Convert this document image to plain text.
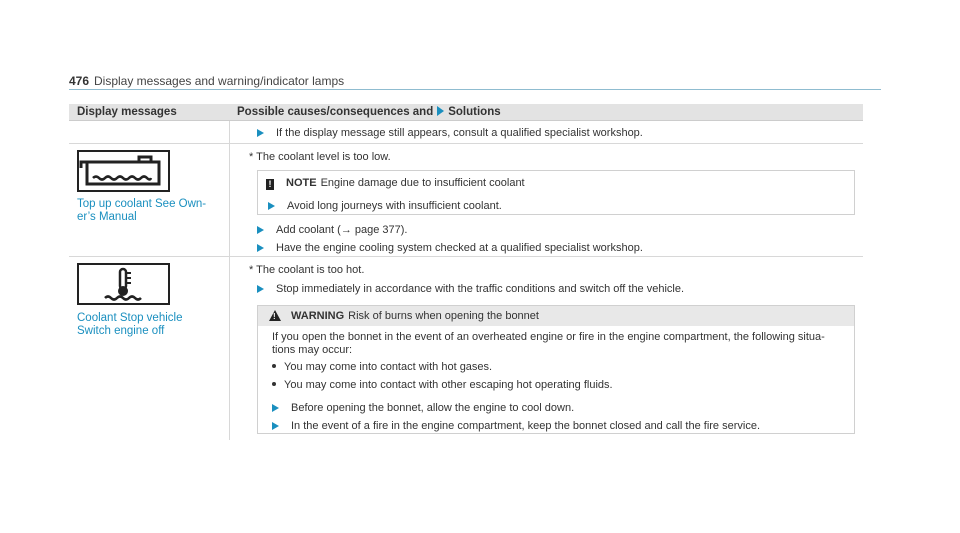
476 Display messages and warning/indicator lamps
Display messages	Possible causes/consequences and Solutions
If the display message still appears, consult a qualified specialist workshop.
Top up coolant See Own-
er’s Manual
* The coolant level is too low.
! NOTE Engine damage due to insufficient coolant
Avoid long journeys with insufficient coolant.
Add coolant (→ page 377).
Have the engine cooling system checked at a qualified specialist workshop.
Coolant Stop vehicle
Switch engine off
* The coolant is too hot.
Stop immediately in accordance with the traffic conditions and switch off the vehicle.
!
WARNING Risk of burns when opening the bonnet
If you open the bonnet in the event of an overheated engine or fire in the engine compartment, the following situa-
tions may occur:
You may come into contact with hot gases.
You may come into contact with other escaping hot operating fluids.
Before opening the bonnet, allow the engine to cool down.
In the event of a fire in the engine compartment, keep the bonnet closed and call the fire service.
